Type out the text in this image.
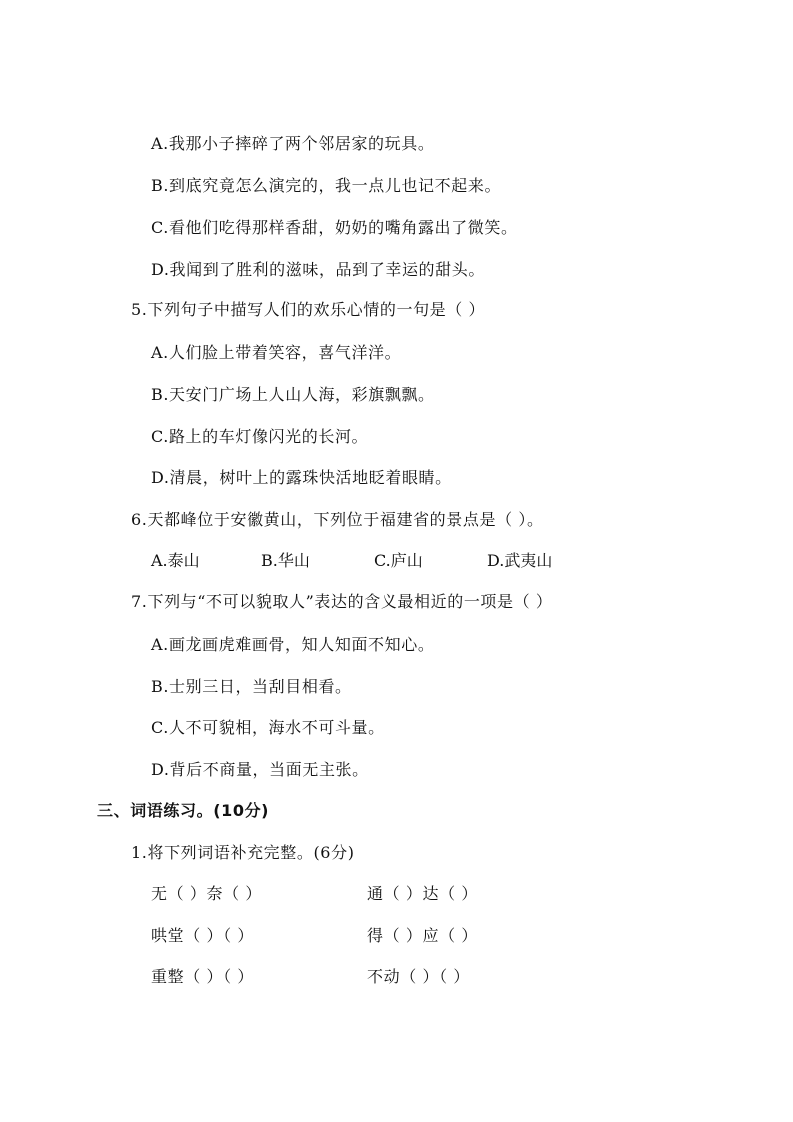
A.我那小子摔碎了两个邻居家的玩具。
B.到底究竟怎么演完的，我一点儿也记不起来。
C.看他们吃得那样香甜，奶奶的嘴角露出了微笑。
D.我闻到了胜利的滋味，品到了幸运的甜头。
5.下列句子中描写人们的欢乐心情的一句是（ ）
A.人们脸上带着笑容，喜气洋洋。
B.天安门广场上人山人海，彩旗飘飘。
C.路上的车灯像闪光的长河。
D.清晨，树叶上的露珠快活地眨着眼睛。
6.天都峰位于安徽黄山，下列位于福建省的景点是（ ）。
A.泰山	B.华山	C.庐山	D.武夷山
7.下列与“不可以貌取人”表达的含义最相近的一项是（ ）
A.画龙画虎难画骨，知人知面不知心。
B.士别三日，当刮目相看。
C.人不可貌相，海水不可斗量。
D.背后不商量，当面无主张。
三、词语练习。(10分)
1.将下列词语补充完整。(6分)
无（ ）奈（ ）	通（ ）达（ ）
哄堂（ ）（ ）	得（ ）应（ ）
重整（ ）（ ）	不动（ ）（ ）
